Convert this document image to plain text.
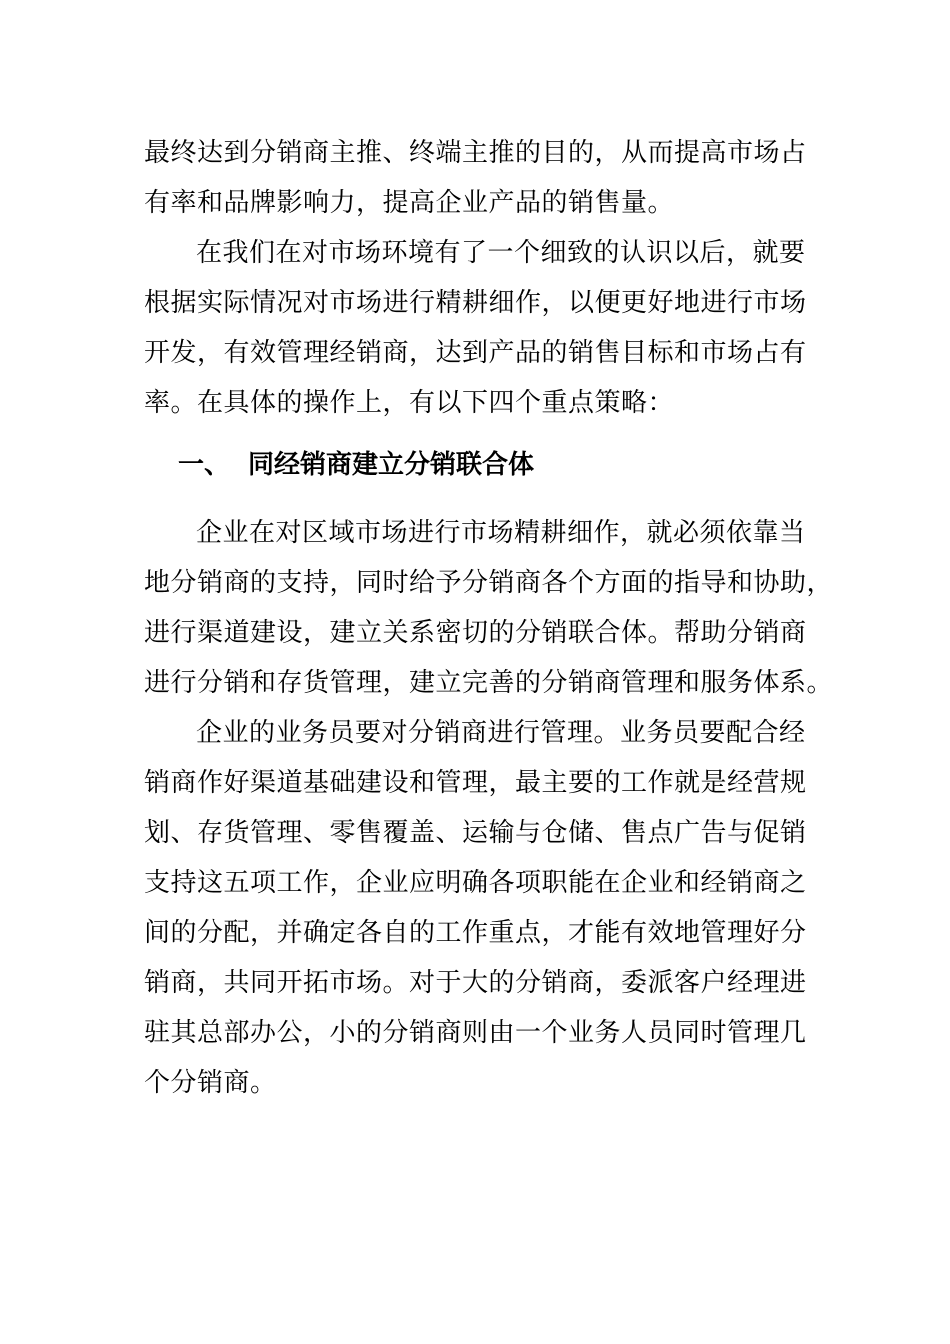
最终达到分销商主推、终端主推的目的，从而提高市场占
有率和品牌影响力，提高企业产品的销售量。
在我们在对市场环境有了一个细致的认识以后，就要
根据实际情况对市场进行精耕细作，以便更好地进行市场
开发，有效管理经销商，达到产品的销售目标和市场占有
率。在具体的操作上，有以下四个重点策略：
一、 同经销商建立分销联合体
企业在对区域市场进行市场精耕细作，就必须依靠当
地分销商的支持，同时给予分销商各个方面的指导和协助，
进行渠道建设，建立关系密切的分销联合体。帮助分销商
进行分销和存货管理，建立完善的分销商管理和服务体系。
企业的业务员要对分销商进行管理。业务员要配合经
销商作好渠道基础建设和管理，最主要的工作就是经营规
划、存货管理、零售覆盖、运输与仓储、售点广告与促销
支持这五项工作，企业应明确各项职能在企业和经销商之
间的分配，并确定各自的工作重点，才能有效地管理好分
销商，共同开拓市场。对于大的分销商，委派客户经理进
驻其总部办公，小的分销商则由一个业务人员同时管理几
个分销商。
